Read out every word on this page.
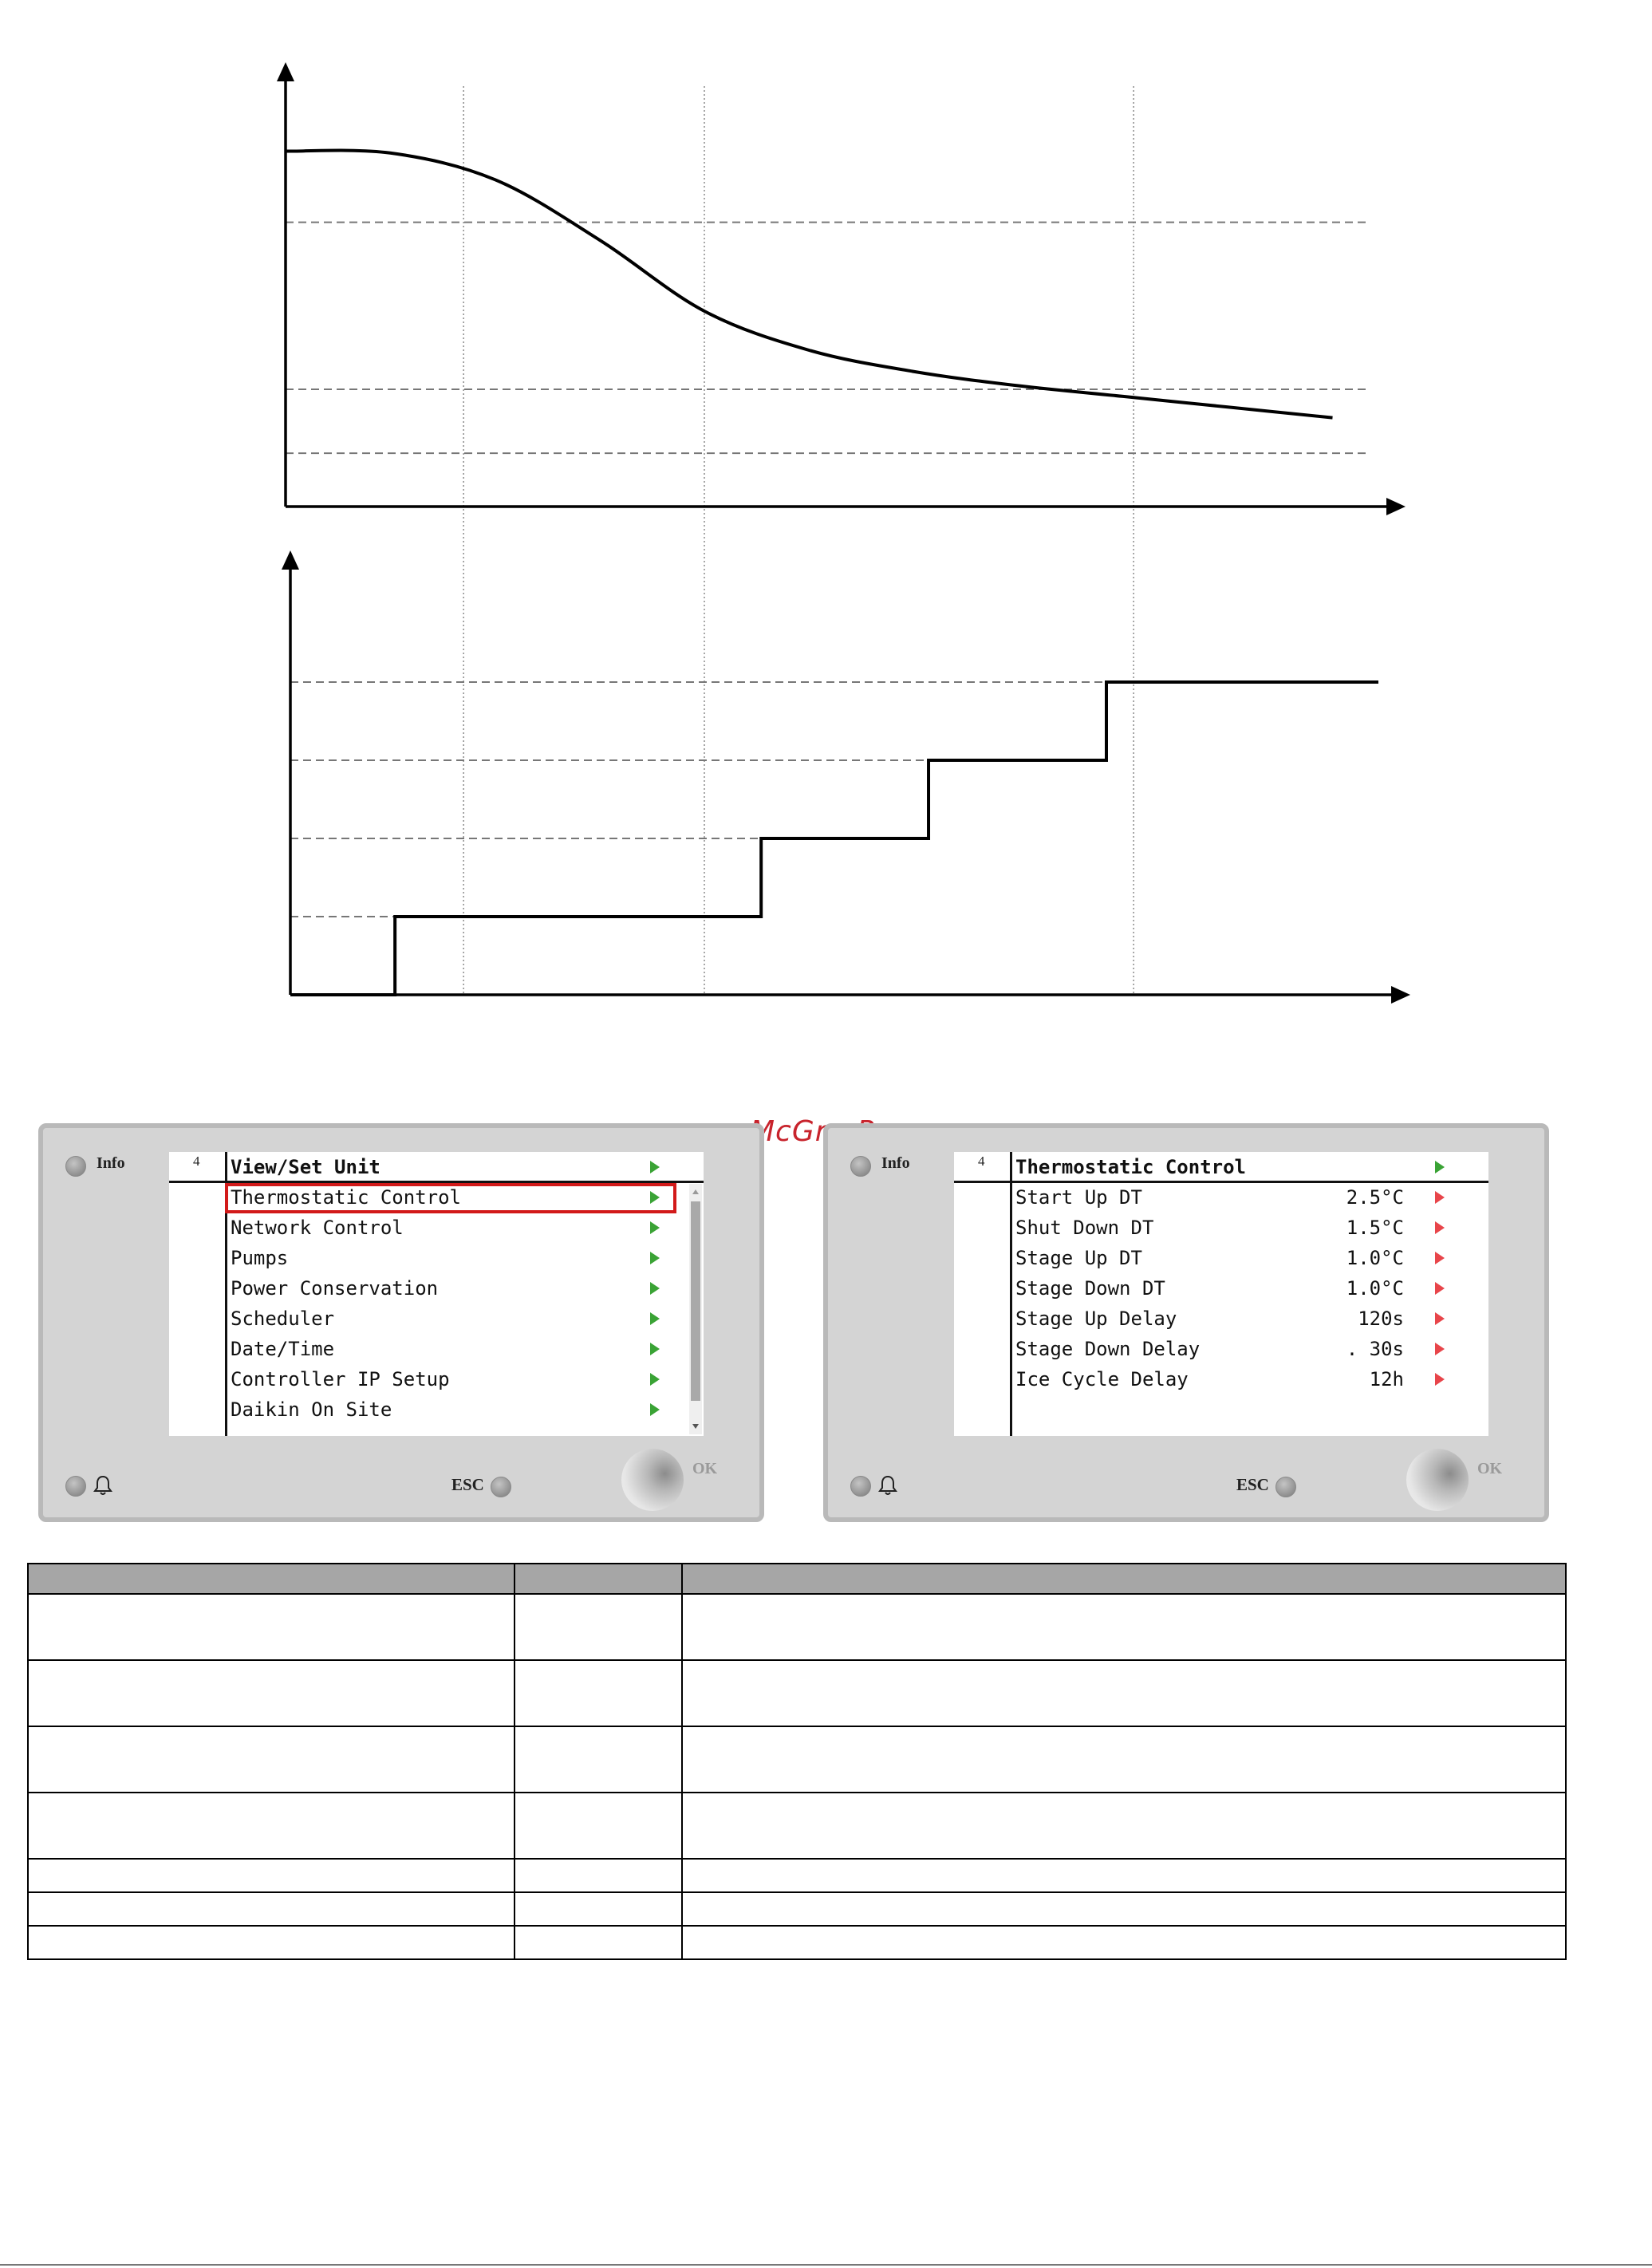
Info	4 View/Set Unit
Thermostatic Control
Network Control
Pumps
Power Conservation
Scheduler
Date/Time
Controller IP Setup
Daikin On Site
ESC
OK
Info	4 Thermostatic Control
Start Up DT	2.5°C
Shut Down DT	1.5°C
Stage Up DT	1.0°C
Stage Down DT	1.0°C
Stage Up Delay	120s
Stage Down Delay	. 30s
Ice Cycle Delay	12h
ESC
OK
